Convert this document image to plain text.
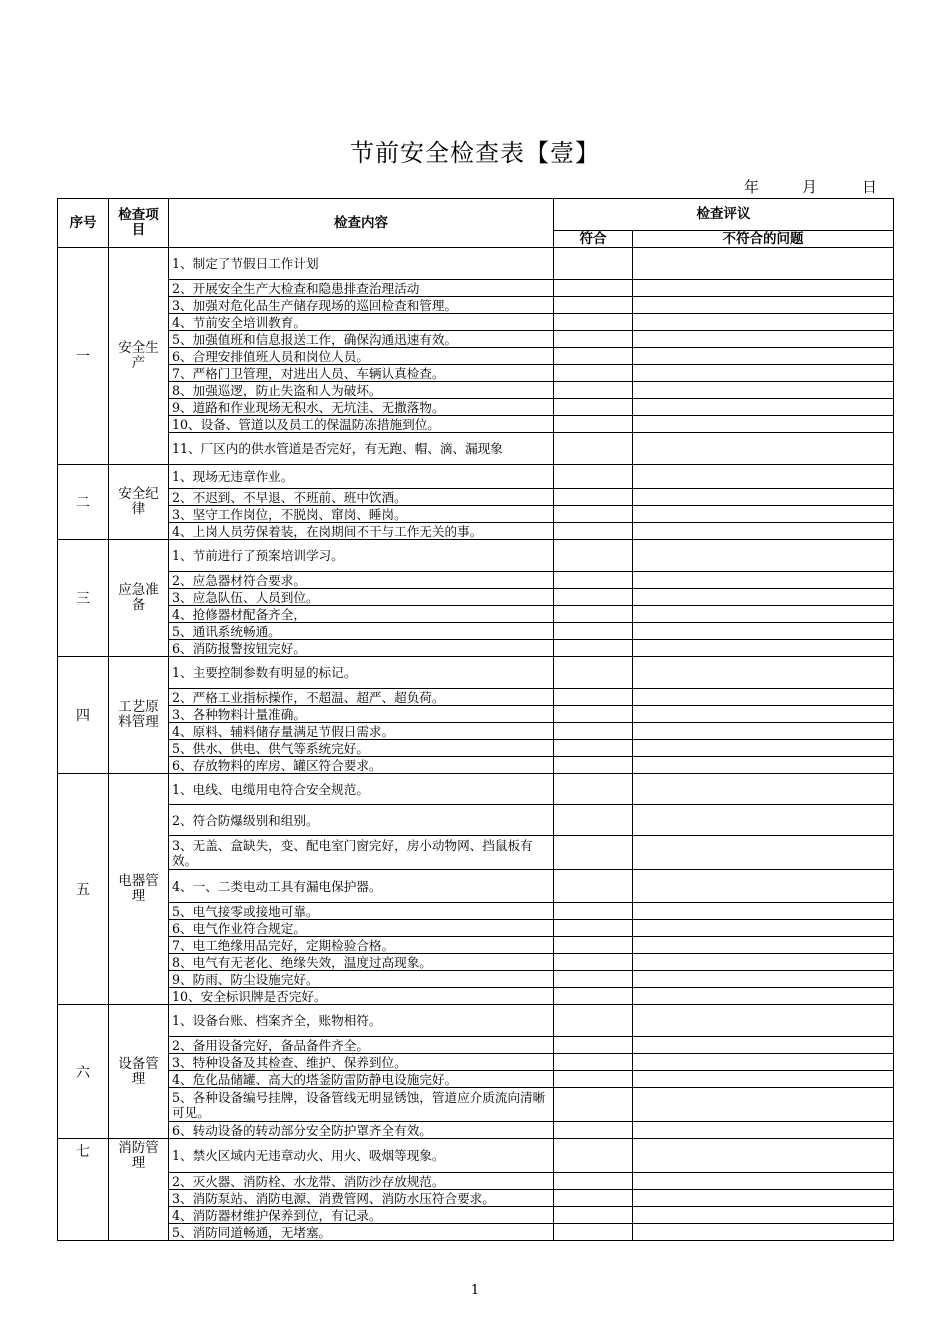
节前安全检查表【壹】
年	月	日
序号	检查项目	检查内容	检查评议	
			符合	不符合的问题
一	安全生产	1、制定了节假日工作计划		
		2、开展安全生产大检查和隐患排查治理活动		
		3、加强对危化品生产储存现场的巡回检查和管理。		
		4、节前安全培训教育。		
		5、加强值班和信息报送工作，确保沟通迅速有效。		
		6、合理安排值班人员和岗位人员。		
		7、严格门卫管理，对进出人员、车辆认真检查。		
		8、加强巡逻，防止失盗和人为破坏。		
		9、道路和作业现场无积水、无坑洼、无撒落物。		
		10、设备、管道以及员工的保温防冻措施到位。		
		11、厂区内的供水管道是否完好，有无跑、帽、滴、漏现象		
二	安全纪律	1、现场无违章作业。		
		2、不迟到、不早退、不班前、班中饮酒。		
		3、坚守工作岗位，不脱岗、窜岗、睡岗。		
		4、上岗人员劳保着装，在岗期间不干与工作无关的事。		
三	应急准备	1、节前进行了预案培训学习。		
		2、应急器材符合要求。		
		3、应急队伍、人员到位。		
		4、抢修器材配备齐全，		
		5、通讯系统畅通。		
		6、消防报警按钮完好。		
四	工艺原料管理	1、主要控制参数有明显的标记。		
		2、严格工业指标操作，不超温、超严、超负荷。		
		3、各种物料计量准确。		
		4、原料、辅料储存量满足节假日需求。		
		5、供水、供电、供气等系统完好。		
		6、存放物料的库房、罐区符合要求。		
五	电器管理	1、电线、电缆用电符合安全规范。		
		2、符合防爆级别和组别。		
		3、无盖、盒缺失，变、配电室门窗完好，房小动物网、挡鼠板有效。		
		4、一、二类电动工具有漏电保护器。		
		5、电气接零或接地可靠。		
		6、电气作业符合规定。		
		7、电工绝缘用品完好，定期检验合格。		
		8、电气有无老化、绝缘失效，温度过高现象。		
		9、防雨、防尘设施完好。		
		10、安全标识牌是否完好。		
六	设备管理	1、设备台账、档案齐全，账物相符。		
		2、备用设备完好，备品备件齐全。		
		3、特种设备及其检查、维护、保养到位。		
		4、危化品储罐、高大的塔釜防雷防静电设施完好。		
		5、各种设备编号挂牌，设备管线无明显锈蚀，管道应介质流向清晰可见。		
		6、转动设备的转动部分安全防护罩齐全有效。		
七	消防管理	1、禁火区域内无违章动火、用火、吸烟等现象。		
		2、灭火器、消防栓、水龙带、消防沙存放规范。		
		3、消防泵站、消防电源、消费管网、消防水压符合要求。		
		4、消防器材维护保养到位，有记录。		
		5、消防同道畅通，无堵塞。		
1
